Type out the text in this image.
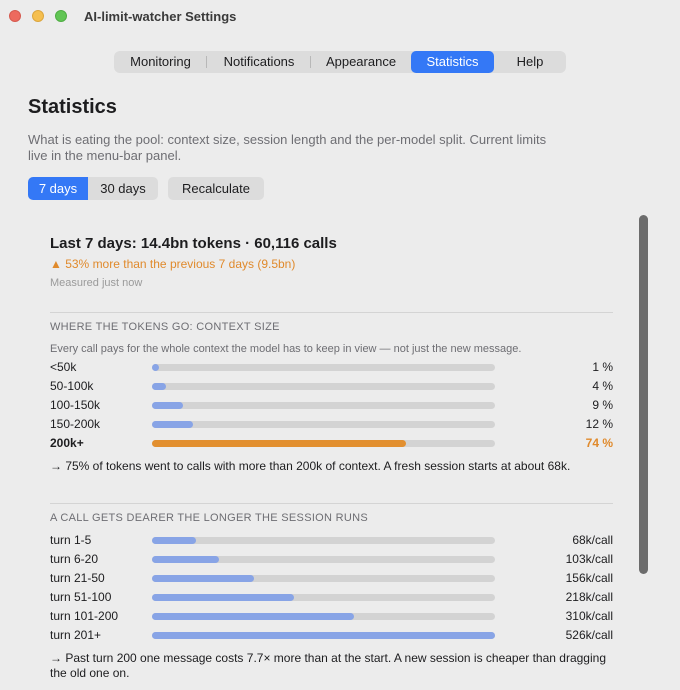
AI-limit-watcher Settings
Monitoring	Notifications	Appearance	Statistics	Help
Statistics
What is eating the pool: context size, session length and the per-model split. Current limits live in the menu-bar panel.
7 days	30 days	Recalculate
Last 7 days: 14.4bn tokens · 60,116 calls
▲ 53% more than the previous 7 days (9.5bn)
Measured just now
WHERE THE TOKENS GO: CONTEXT SIZE
Every call pays for the whole context the model has to keep in view — not just the new message.
<50k	1 %
50-100k	4 %
100-150k	9 %
150-200k	12 %
200k+	74 %
→ 75% of tokens went to calls with more than 200k of context. A fresh session starts at about 68k.
A CALL GETS DEARER THE LONGER THE SESSION RUNS
turn 1-5	68k/call
turn 6-20	103k/call
turn 21-50	156k/call
turn 51-100	218k/call
turn 101-200	310k/call
turn 201+	526k/call
→ Past turn 200 one message costs 7.7× more than at the start. A new session is cheaper than dragging the old one on.
